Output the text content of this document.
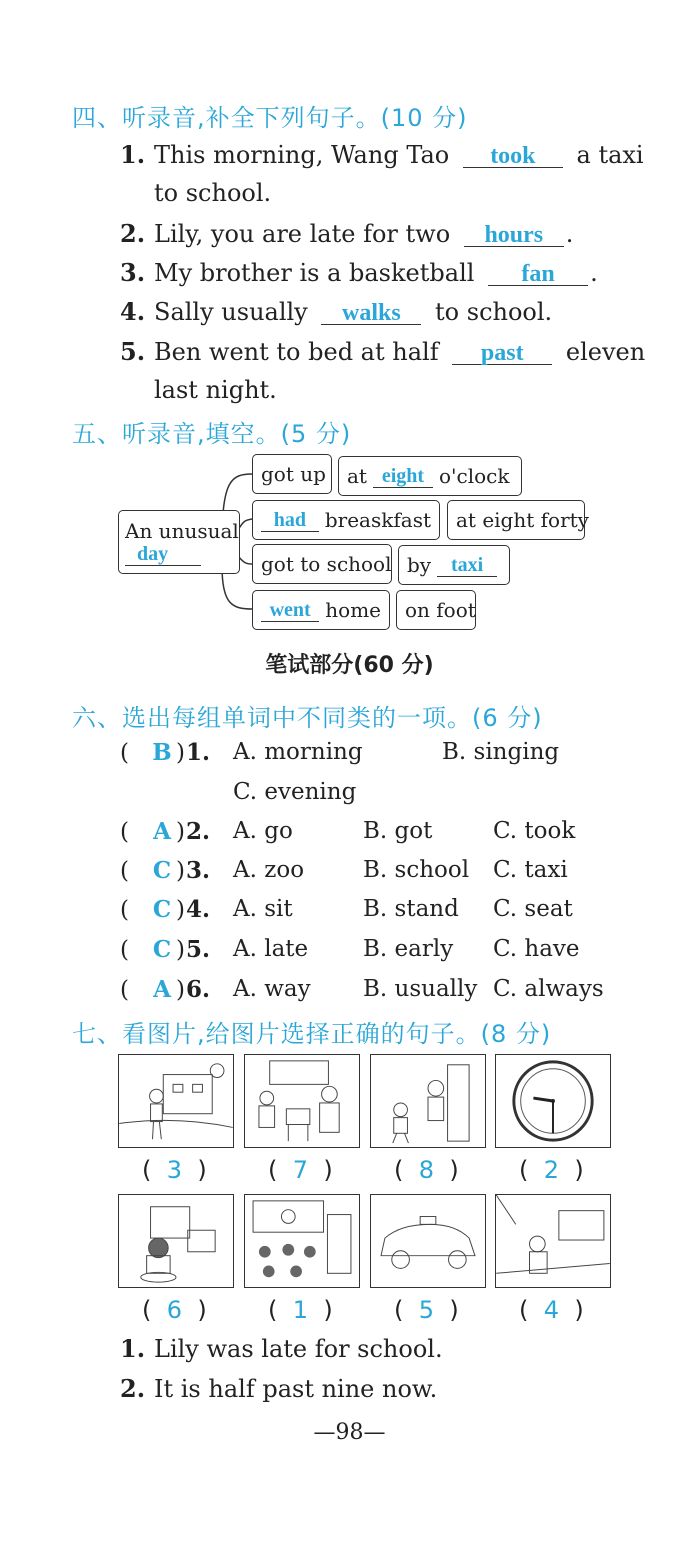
四、听录音,补全下列句子。(10 分)
1. This morning, Wang Tao took a taxi
to school.
2. Lily, you are late for two hours .
3. My brother is a basketball fan .
4. Sally usually walks to school.
5. Ben went to bed at half past eleven
last night.
五、听录音,填空。(5 分)
An unusual
day
got up	at eight o'clock
had breaskfast	at eight forty
got to school by taxi
went home	on foot
笔试部分(60 分)
六、选出每组单词中不同类的一项。(6 分)
( B )1. A. morning	B. singing
C. evening
( A )2. A. go	B. got	C. took
( C )3. A. zoo	B. school C. taxi
( C )4. A. sit	B. stand C. seat
( C )5. A. late B. early C. have
( A )6. A. way B. usually C. always
七、看图片,给图片选择正确的句子。(8 分)
( 3 )	( 7 )	( 8 )	( 2 )
( 6 )	( 1 )	( 5 )	( 4 )
1. Lily was late for school.
2. It is half past nine now.
—98—
